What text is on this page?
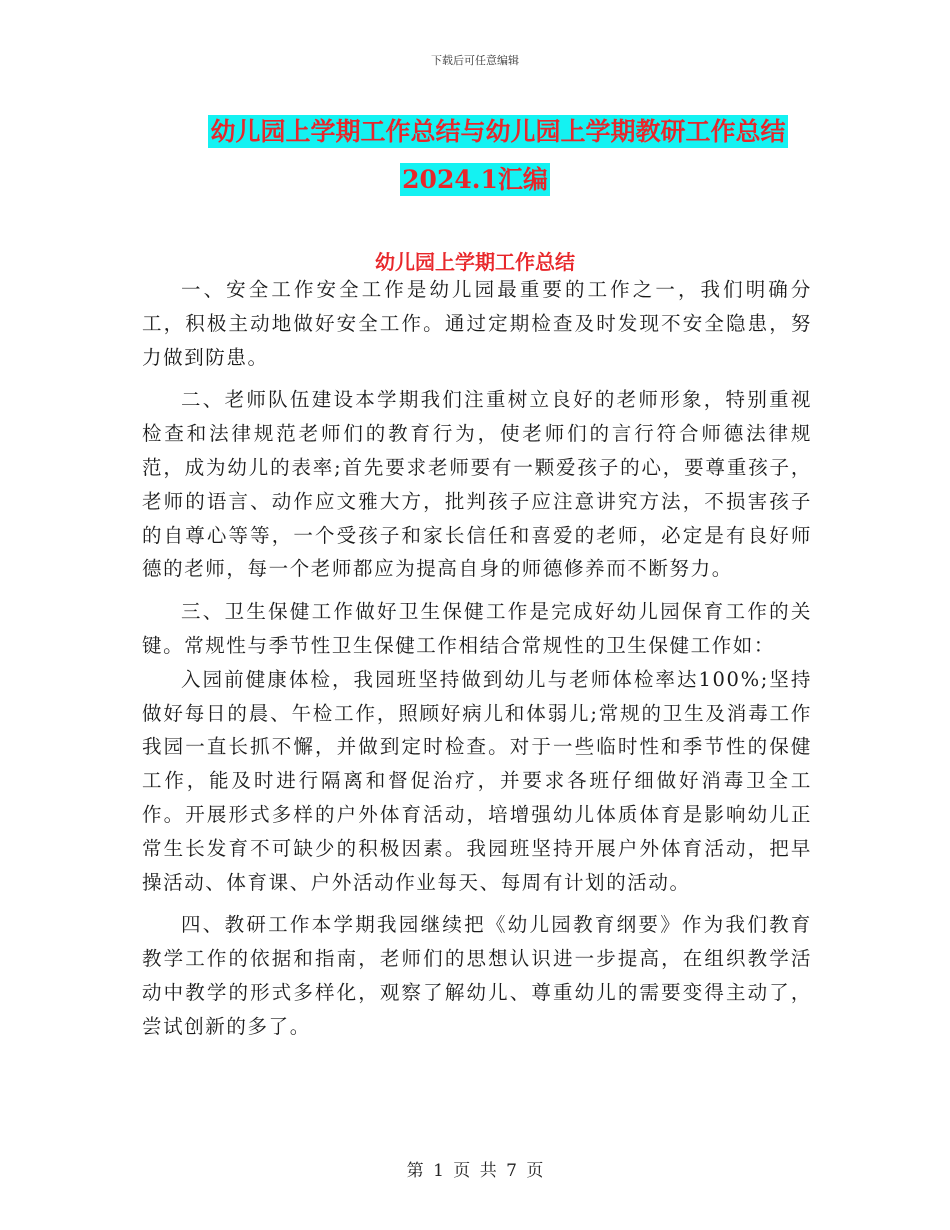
下载后可任意编辑
幼儿园上学期工作总结与幼儿园上学期教研工作总结
2024.1汇编
幼儿园上学期工作总结

一、安全工作安全工作是幼儿园最重要的工作之一，我们明确分工，积极主动地做好安全工作。通过定期检查及时发现不安全隐患，努力做到防患。

二、老师队伍建设本学期我们注重树立良好的老师形象，特别重视检查和法律规范老师们的教育行为，使老师们的言行符合师德法律规范，成为幼儿的表率;首先要求老师要有一颗爱孩子的心，要尊重孩子，老师的语言、动作应文雅大方，批判孩子应注意讲究方法，不损害孩子的自尊心等等，一个受孩子和家长信任和喜爱的老师，必定是有良好师德的老师，每一个老师都应为提高自身的师德修养而不断努力。

三、卫生保健工作做好卫生保健工作是完成好幼儿园保育工作的关键。常规性与季节性卫生保健工作相结合常规性的卫生保健工作如：

入园前健康体检，我园班坚持做到幼儿与老师体检率达100%;坚持做好每日的晨、午检工作，照顾好病儿和体弱儿;常规的卫生及消毒工作我园一直长抓不懈，并做到定时检查。对于一些临时性和季节性的保健工作，能及时进行隔离和督促治疗，并要求各班仔细做好消毒卫全工作。开展形式多样的户外体育活动，培增强幼儿体质体育是影响幼儿正常生长发育不可缺少的积极因素。我园班坚持开展户外体育活动，把早操活动、体育课、户外活动作业每天、每周有计划的活动。

四、教研工作本学期我园继续把《幼儿园教育纲要》作为我们教育教学工作的依据和指南，老师们的思想认识进一步提高，在组织教学活动中教学的形式多样化，观察了解幼儿、尊重幼儿的需要变得主动了，尝试创新的多了。

第 1 页 共 7 页
